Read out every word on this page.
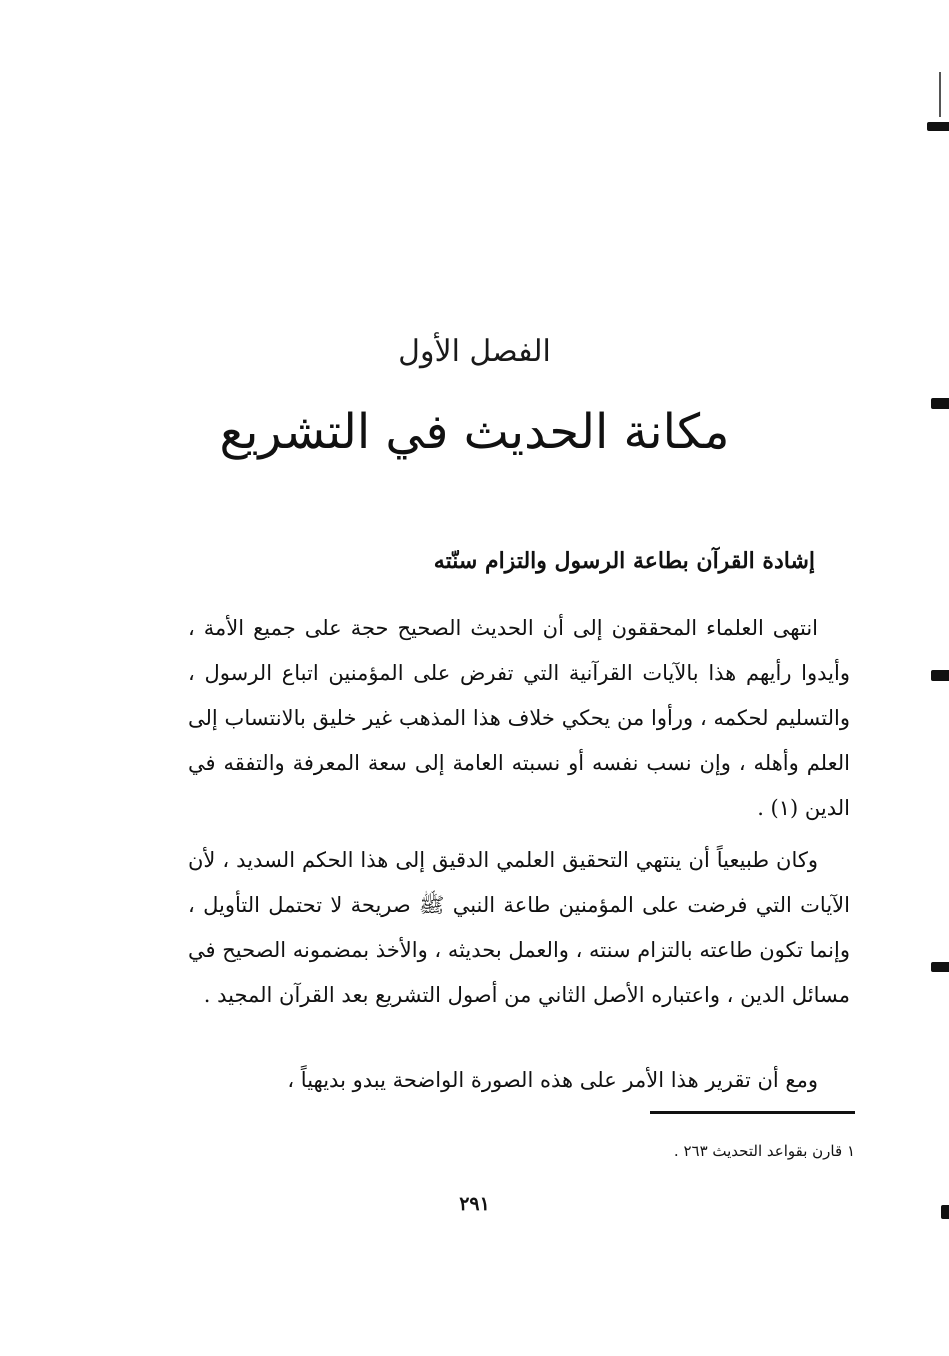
الفصل الأول
مكانة الحديث في التشريع
إشادة القرآن بطاعة الرسول والتزام سنّته
انتهى العلماء المحققون إلى أن الحديث الصحيح حجة على جميع الأمة ، وأيدوا رأيهم هذا بالآيات القرآنية التي تفرض على المؤمنين اتباع الرسول ، والتسليم لحكمه ، ورأوا من يحكي خلاف هذا المذهب غير خليق بالانتساب إلى العلم وأهله ، وإن نسب نفسه أو نسبته العامة إلى سعة المعرفة والتفقه في الدين (١) .
وكان طبيعياً أن ينتهي التحقيق العلمي الدقيق إلى هذا الحكم السديد ، لأن الآيات التي فرضت على المؤمنين طاعة النبي ﷺ صريحة لا تحتمل التأويل ، وإنما تكون طاعته بالتزام سنته ، والعمل بحديثه ، والأخذ بمضمونه الصحيح في مسائل الدين ، واعتباره الأصل الثاني من أصول التشريع بعد القرآن المجيد .
ومع أن تقرير هذا الأمر على هذه الصورة الواضحة يبدو بديهياً ،
١ قارن بقواعد التحديث ٢٦٣ .
٢٩١
